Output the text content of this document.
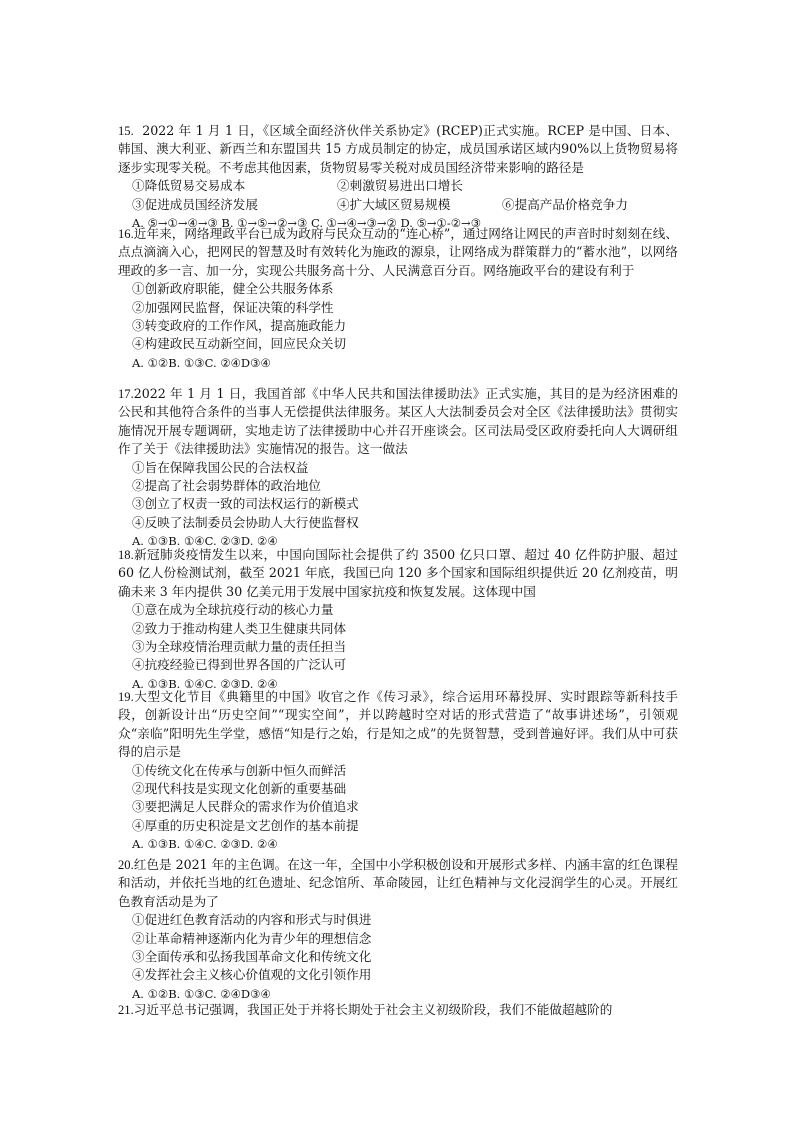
15. 2022 年 1 月 1 日，《区域全面经济伙伴关系协定》(RCEP)正式实施。RCEP 是中国、日本、韩国、澳大利亚、新西兰和东盟国共 15 方成员制定的协定，成员国承诺区域内90%以上货物贸易将逐步实现零关税。不考虑其他因素，货物贸易零关税对成员国经济带来影响的路径是

①降低贸易交易成本	②刺激贸易进出口增长
③促进成员国经济发展	④扩大域区贸易规模	⑥提高产品价格竞争力

A. ⑤→①→④→③ B. ①→⑤→②→③ C. ①→④→③→② D. ⑤→①-②→③

16.近年来，网络理政平台已成为政府与民众互动的“连心桥”，通过网络让网民的声音时时刻刻在线、点点滴滴入心，把网民的智慧及时有效转化为施政的源泉，让网络成为群策群力的“蓄水池”，以网络理政的多一言、加一分，实现公共服务高十分、人民满意百分百。网络施政平台的建设有利于

①创新政府职能，健全公共服务体系

②加强网民监督，保证决策的科学性

③转变政府的工作作风，提高施政能力

④构建政民互动新空间，回应民众关切

A. ①②B. ①③C. ②④D③④

17.2022 年 1 月 1 日，我国首部《中华人民共和国法律援助法》正式实施，其目的是为经济困难的公民和其他符合条件的当事人无偿提供法律服务。某区人大法制委员会对全区《法律援助法》贯彻实施情况开展专题调研，实地走访了法律援助中心并召开座谈会。区司法局受区政府委托向人大调研组作了关于《法律援助法》实施情况的报告。这一做法

①旨在保障我国公民的合法权益

②提高了社会弱势群体的政治地位

③创立了权责一致的司法权运行的新模式

④反映了法制委员会协助人大行使监督权

A. ①③B. ①④C. ②③D. ②④

18.新冠肺炎疫情发生以来，中国向国际社会提供了约 3500 亿只口罩、超过 40 亿件防护服、超过 60 亿人份检测试剂，截至 2021 年底，我国已向 120 多个国家和国际组织提供近 20 亿剂疫苗，明确未来 3 年内提供 30 亿美元用于发展中国家抗疫和恢复发展。这体现中国

①意在成为全球抗疫行动的核心力量

②致力于推动构建人类卫生健康共同体

③为全球疫情治理贡献力量的责任担当

④抗疫经验已得到世界各国的广泛认可

A. ①③B. ①④C. ②③D. ②④

19.大型文化节目《典籍里的中国》收官之作《传习录》，综合运用环幕投屏、实时跟踪等新科技手段，创新设计出“历史空间”“现实空间”，并以跨越时空对话的形式营造了“故事讲述场”，引领观众“亲临”阳明先生学堂，感悟“知是行之始，行是知之成”的先贤智慧，受到普遍好评。我们从中可获得的启示是

①传统文化在传承与创新中恒久而鲜活

②现代科技是实现文化创新的重要基础

③要把满足人民群众的需求作为价值追求

④厚重的历史积淀是文艺创作的基本前提

A. ①③B. ①④C. ②③D. ②④

20.红色是 2021 年的主色调。在这一年，全国中小学积极创设和开展形式多样、内涵丰富的红色课程和活动，并依托当地的红色遗址、纪念馆所、革命陵园，让红色精神与文化浸润学生的心灵。开展红色教育活动是为了

①促进红色教育活动的内容和形式与时俱进

②让革命精神逐渐内化为青少年的理想信念

③全面传承和弘扬我国革命文化和传统文化

④发挥社会主义核心价值观的文化引领作用

A. ①②B. ①③C. ②④D③④

21.习近平总书记强调，我国正处于并将长期处于社会主义初级阶段，我们不能做超越阶的
